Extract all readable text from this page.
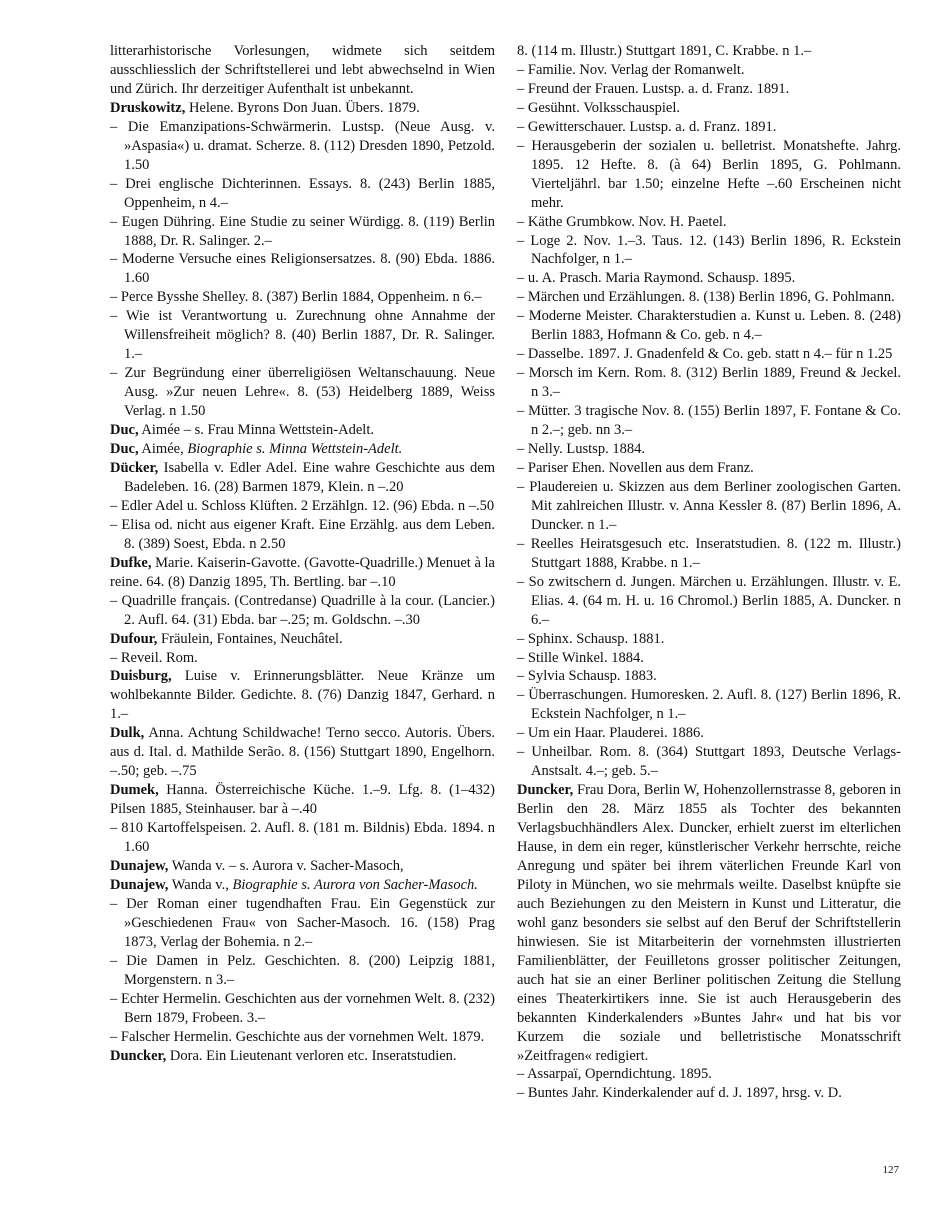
litterarhistorische Vorlesungen, widmete sich seitdem ausschliesslich der Schriftstellerei und lebt abwechselnd in Wien und Zürich. Ihr derzeitiger Aufenthalt ist unbekannt.

Druskowitz, Helene. Byrons Don Juan. Übers. 1879.

– Die Emanzipations-Schwärmerin. Lustsp. (Neue Ausg. v. »Aspasia«) u. dramat. Scherze. 8. (112) Dresden 1890, Petzold. 1.50

– Drei englische Dichterinnen. Essays. 8. (243) Berlin 1885, Oppenheim, n 4.–

– Eugen Dühring. Eine Studie zu seiner Würdigg. 8. (119) Berlin 1888, Dr. R. Salinger. 2.–

– Moderne Versuche eines Religionsersatzes. 8. (90) Ebda. 1886. 1.60

– Perce Bysshe Shelley. 8. (387) Berlin 1884, Oppenheim. n 6.–

– Wie ist Verantwortung u. Zurechnung ohne Annahme der Willensfreiheit möglich? 8. (40) Berlin 1887, Dr. R. Salinger. 1.–

– Zur Begründung einer überreligiösen Weltanschauung. Neue Ausg. »Zur neuen Lehre«. 8. (53) Heidelberg 1889, Weiss Verlag. n 1.50

Duc, Aimée – s. Frau Minna Wettstein-Adelt.

Duc, Aimée, Biographie s. Minna Wettstein-Adelt.

Dücker, Isabella v. Edler Adel. Eine wahre Geschichte aus dem Badeleben. 16. (28) Barmen 1879, Klein. n –.20

– Edler Adel u. Schloss Klüften. 2 Erzählgn. 12. (96) Ebda. n –.50

– Elisa od. nicht aus eigener Kraft. Eine Erzählg. aus dem Leben. 8. (389) Soest, Ebda. n 2.50

Dufke, Marie. Kaiserin-Gavotte. (Gavotte-Quadrille.) Menuet à la reine. 64. (8) Danzig 1895, Th. Bertling. bar –.10

– Quadrille français. (Contredanse) Quadrille à la cour. (Lancier.) 2. Aufl. 64. (31) Ebda. bar –.25; m. Goldschn. –.30

Dufour, Fräulein, Fontaines, Neuchâtel.

– Reveil. Rom.

Duisburg, Luise v. Erinnerungsblätter. Neue Kränze um wohlbekannte Bilder. Gedichte. 8. (76) Danzig 1847, Gerhard. n 1.–

Dulk, Anna. Achtung Schildwache! Terno secco. Autoris. Übers. aus d. Ital. d. Mathilde Serão. 8. (156) Stuttgart 1890, Engelhorn. –.50; geb. –.75

Dumek, Hanna. Österreichische Küche. 1.–9. Lfg. 8. (1–432) Pilsen 1885, Steinhauser. bar à –.40

– 810 Kartoffelspeisen. 2. Aufl. 8. (181 m. Bildnis) Ebda. 1894. n 1.60

Dunajew, Wanda v. – s. Aurora v. Sacher-Masoch,

Dunajew, Wanda v., Biographie s. Aurora von Sacher-Masoch.

– Der Roman einer tugendhaften Frau. Ein Gegenstück zur »Geschiedenen Frau« von Sacher-Masoch. 16. (158) Prag 1873, Verlag der Bohemia. n 2.–

– Die Damen in Pelz. Geschichten. 8. (200) Leipzig 1881, Morgenstern. n 3.–

– Echter Hermelin. Geschichten aus der vornehmen Welt. 8. (232) Bern 1879, Frobeen. 3.–

– Falscher Hermelin. Geschichte aus der vornehmen Welt. 1879.

Duncker, Dora. Ein Lieutenant verloren etc. Inseratstudien.

8. (114 m. Illustr.) Stuttgart 1891, C. Krabbe. n 1.–

– Familie. Nov. Verlag der Romanwelt.

– Freund der Frauen. Lustsp. a. d. Franz. 1891.

– Gesühnt. Volksschauspiel.

– Gewitterschauer. Lustsp. a. d. Franz. 1891.

– Herausgeberin der sozialen u. belletrist. Monatshefte. Jahrg. 1895. 12 Hefte. 8. (à 64) Berlin 1895, G. Pohlmann. Vierteljährl. bar 1.50; einzelne Hefte –.60 Erscheinen nicht mehr.

– Käthe Grumbkow. Nov. H. Paetel.

– Loge 2. Nov. 1.–3. Taus. 12. (143) Berlin 1896, R. Eckstein Nachfolger, n 1.–

– u. A. Prasch. Maria Raymond. Schausp. 1895.

– Märchen und Erzählungen. 8. (138) Berlin 1896, G. Pohlmann.

– Moderne Meister. Charakterstudien a. Kunst u. Leben. 8. (248) Berlin 1883, Hofmann & Co. geb. n 4.–

– Dasselbe. 1897. J. Gnadenfeld & Co. geb. statt n 4.– für n 1.25

– Morsch im Kern. Rom. 8. (312) Berlin 1889, Freund & Jeckel. n 3.–

– Mütter. 3 tragische Nov. 8. (155) Berlin 1897, F. Fontane & Co. n 2.–; geb. nn 3.–

– Nelly. Lustsp. 1884.

– Pariser Ehen. Novellen aus dem Franz.

– Plaudereien u. Skizzen aus dem Berliner zoologischen Garten. Mit zahlreichen Illustr. v. Anna Kessler 8. (87) Berlin 1896, A. Duncker. n 1.–

– Reelles Heiratsgesuch etc. Inseratstudien. 8. (122 m. Illustr.) Stuttgart 1888, Krabbe. n 1.–

– So zwitschern d. Jungen. Märchen u. Erzählungen. Illustr. v. E. Elias. 4. (64 m. H. u. 16 Chromol.) Berlin 1885, A. Duncker. n 6.–

– Sphinx. Schausp. 1881.

– Stille Winkel. 1884.

– Sylvia Schausp. 1883.

– Überraschungen. Humoresken. 2. Aufl. 8. (127) Berlin 1896, R. Eckstein Nachfolger, n 1.–

– Um ein Haar. Plauderei. 1886.

– Unheilbar. Rom. 8. (364) Stuttgart 1893, Deutsche Verlags-Anstsalt. 4.–; geb. 5.–

Duncker, Frau Dora, Berlin W, Hohenzollernstrasse 8, geboren in Berlin den 28. März 1855 als Tochter des bekannten Verlagsbuchhändlers Alex. Duncker, erhielt zuerst im elterlichen Hause, in dem ein reger, künstlerischer Verkehr herrschte, reiche Anregung und später bei ihrem väterlichen Freunde Karl von Piloty in München, wo sie mehrmals weilte. Daselbst knüpfte sie auch Beziehungen zu den Meistern in Kunst und Litteratur, die wohl ganz besonders sie selbst auf den Beruf der Schriftstellerin hinwiesen. Sie ist Mitarbeiterin der vornehmsten illustrierten Familienblätter, der Feuilletons grosser politischer Zeitungen, auch hat sie an einer Berliner politischen Zeitung die Stellung eines Theaterkirtikers inne. Sie ist auch Herausgeberin des bekannten Kinderkalenders »Buntes Jahr« und hat bis vor Kurzem die soziale und belletristische Monatsschrift »Zeitfragen« redigiert.

– Assarpaï, Operndichtung. 1895.

– Buntes Jahr. Kinderkalender auf d. J. 1897, hrsg. v. D.

127
